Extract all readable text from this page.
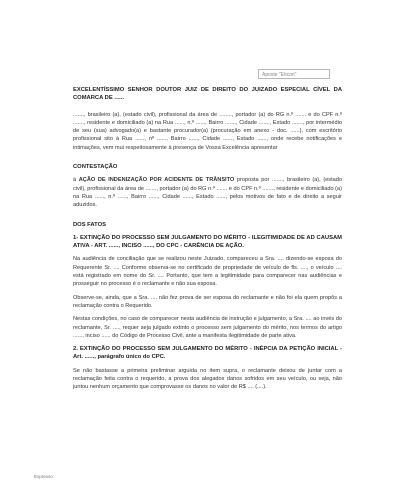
Aposte "Eticon"

EXCELENTÍSSIMO SENHOR DOUTOR JUIZ DE DIREITO DO JUIZADO ESPECIAL CÍVEL DA COMARCA DE ......

......., brasileiro (a), (estado civil), profissional da área de ........, portador (a) do RG n.º ....... e do CPF n.º ......., residente e domiciliado (a) na Rua ......, n.º ......, Bairro ......., Cidade ......., Estado ......., por intermédio de seu (sua) advogado(a) e bastante procurador(a) (procuração em anexo - doc. ......), com escritório profissional sito à Rua ......, nº ......, Bairro ......, Cidade ......, Estado ......, onde recebe notificações e intimações, vem mui respeitosamente à presença de Vossa Excelência apresentar

CONTESTAÇÃO

à AÇÃO DE INDENIZAÇÃO POR ACIDENTE DE TRÂNSITO proposta por ......., brasileiro (a), (estado civil), profissional da área de ......., portador (a) do RG n.º ....... e do CPF n.º ......., residente e domiciliado (a) na Rua ......, n.º ......, Bairro ......, Cidade ......, Estado ......, pelos motivos de fato e de direito a seguir aduzidos.

DOS FATOS

1- EXTINÇÃO DO PROCESSO SEM JULGAMENTO DO MÉRITO - ILEGITIMIDADE DE AD CAUSAM ATIVA - ART. ......, INCISO ......, DO CPC - CARÊNCIA DE AÇÃO.

Na audiência de conciliação que se realizou neste Juizado, compareceu a Sra. .... dizendo-se esposa do Requerente Sr. .... Conforme observa-se no certificado de propriedade de veículo de fls. ...., o veículo .... está registrado em nome do Sr. .... Portanto, que tem a legitimidade para comparecer nas audiências e prosseguir no processo é o reclamante e não sua esposa.

Observe-se, ainda, que a Sra. .... não fez prova de ser esposa do reclamante e não foi ela quem propôs a reclamação contra o Requerido.

Nestas condições, no caso de comparecer nesta audiência de instrução e julgamento, a Sra. .... ao invés do reclamante, Sr. ...., requer seja julgado extinto o processo sem julgamento do mérito, nos termos do artigo ......, inciso ...... do Código de Processo Civil, ante a manifesta ilegitimidade de parte ativa.

2. EXTINÇÃO DO PROCESSO SEM JULGAMENTO DO MÉRITO - INÉPCIA DA PETIÇÃO INICIAL - Art. ......, parágrafo único do CPC.

Se não bastasse a primeira preliminar arguida no item supra, o reclamante deixou de juntar com a reclamação feita contra o requerido, a prova dos alegados danos sofridos em seu veículo, ou seja, não juntou nenhum orçamento que comprovasse os danos no valor de R$ .... (....).

Expresso
